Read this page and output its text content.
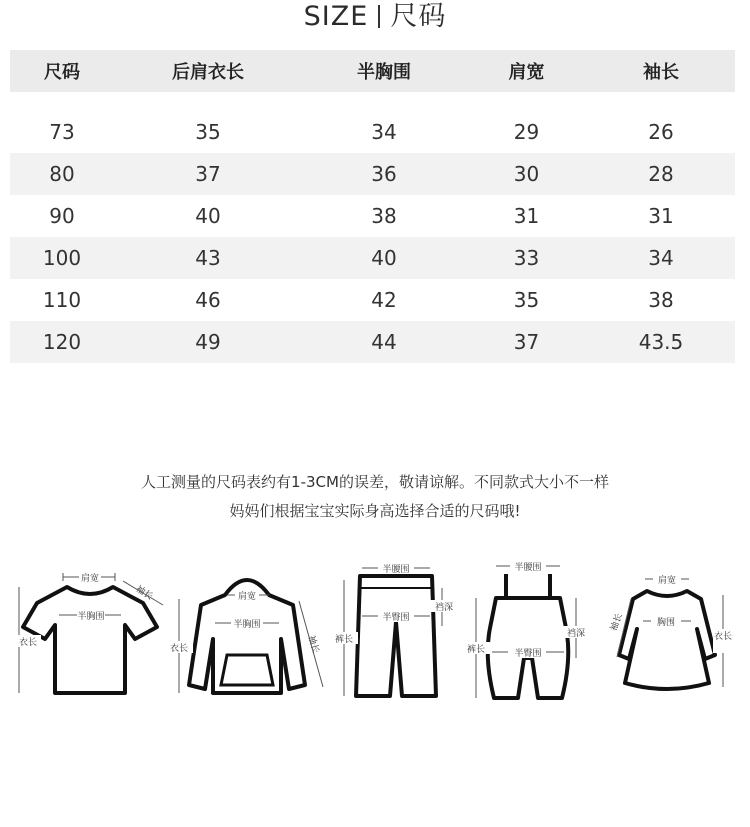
SIZE 尺码
尺码	后肩衣长	半胸围	肩宽	袖长

73	35	34	29	26
80	37	36	30	28
90	40	38	31	31
100	43	40	33	34
110	46	42	35	38
120	49	44	37	43.5
人工测量的尺码表约有1-3CM的误差，敬请谅解。不同款式大小不一样
妈妈们根据宝宝实际身高选择合适的尺码哦!
肩宽
袖长
半胸围
衣长
肩宽
半胸围
衣长	袖长
半腰围
半臀围
裆深
裤长
半腰围
半臀围
裆深
裤长
肩宽
胸围
袖长
衣长
